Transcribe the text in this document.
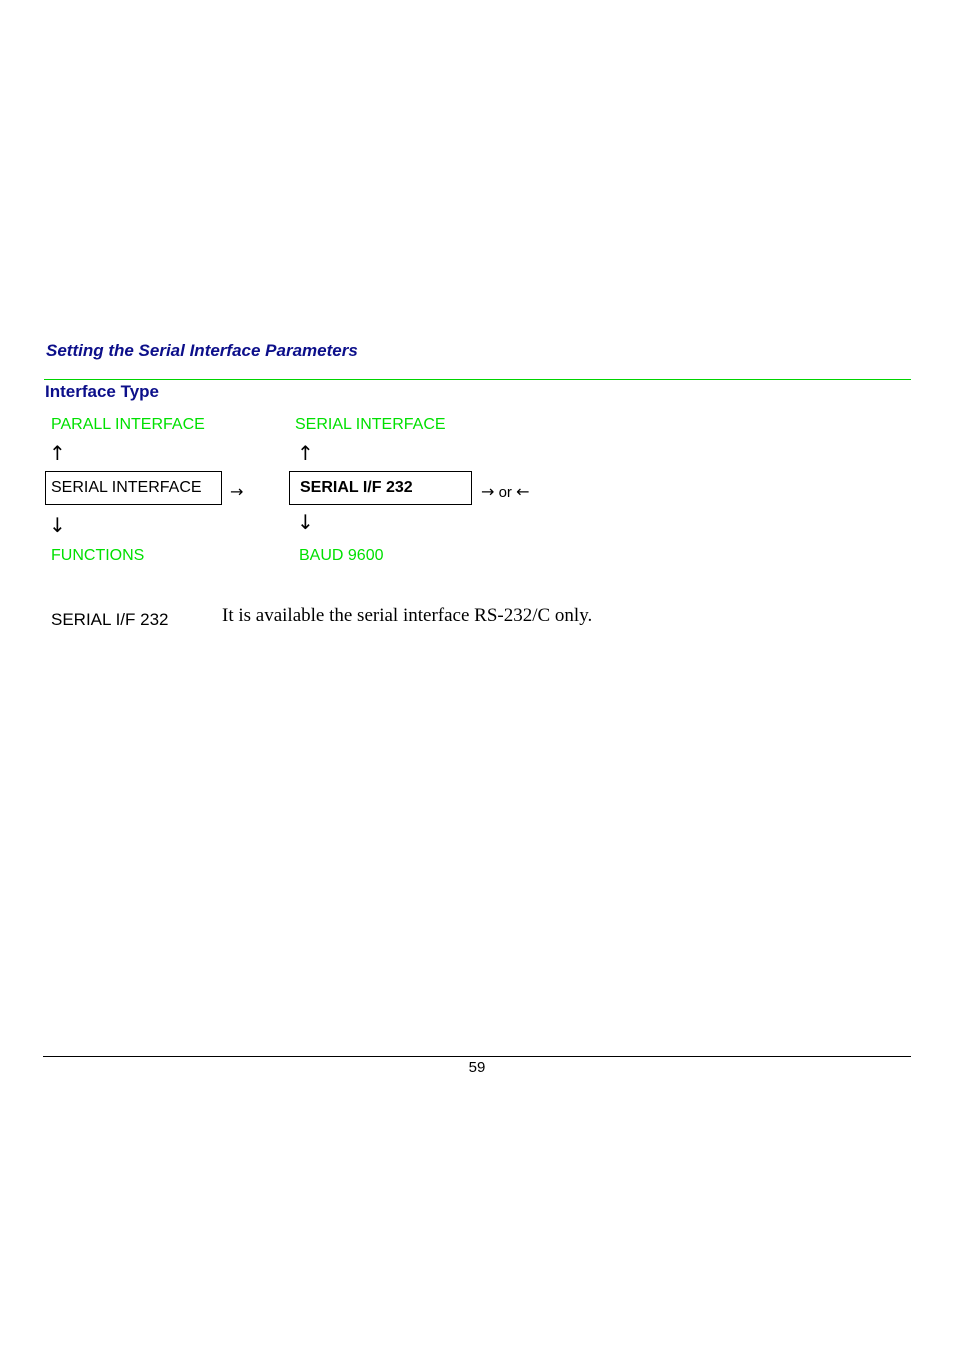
Setting the Serial Interface Parameters
Interface Type
PARALL INTERFACE
↑
SERIAL INTERFACE
↓
FUNCTIONS
→
SERIAL INTERFACE
↑
SERIAL I/F 232
↓
BAUD 9600
→ or ←
SERIAL I/F 232	It is available the serial interface RS-232/C only.
59
